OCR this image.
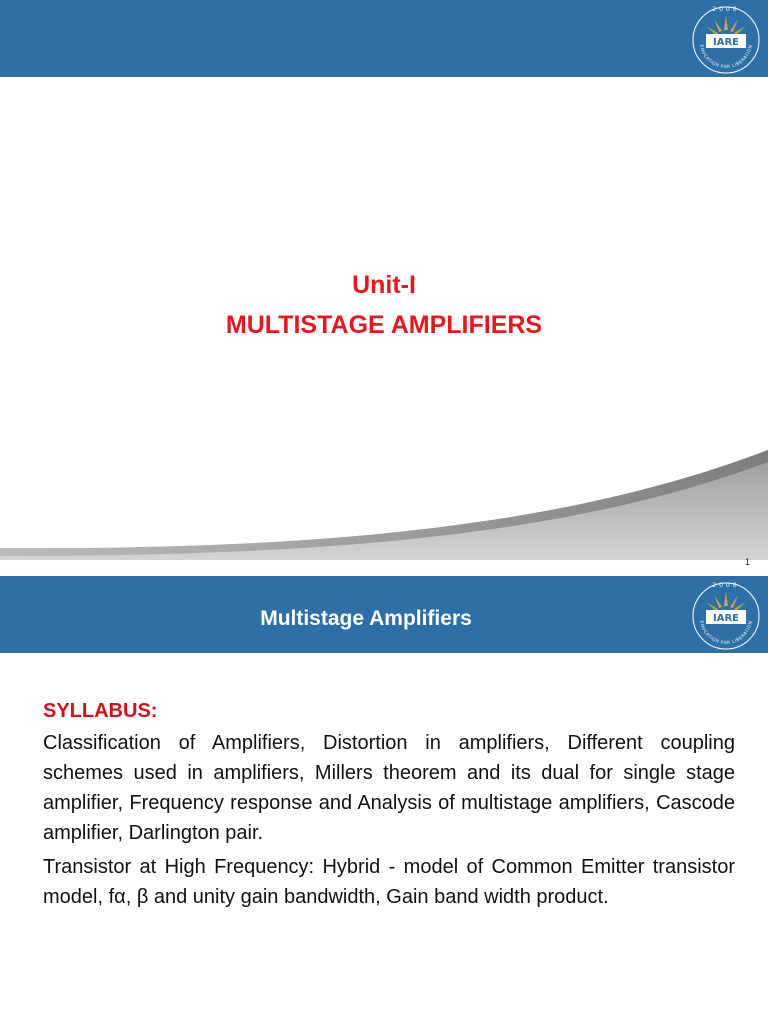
2000
IARE
EDUCATION FOR LIBERATION
Unit-I
MULTISTAGE AMPLIFIERS
1
Multistage Amplifiers
2000
IARE
EDUCATION FOR LIBERATION
SYLLABUS:

Classification of Amplifiers, Distortion in amplifiers, Different coupling schemes used in amplifiers, Millers theorem and its dual for single stage amplifier, Frequency response and Analysis of multistage amplifiers, Cascode amplifier, Darlington pair.

Transistor at High Frequency: Hybrid - model of Common Emitter transistor model, fα, β and unity gain bandwidth, Gain band width product.
